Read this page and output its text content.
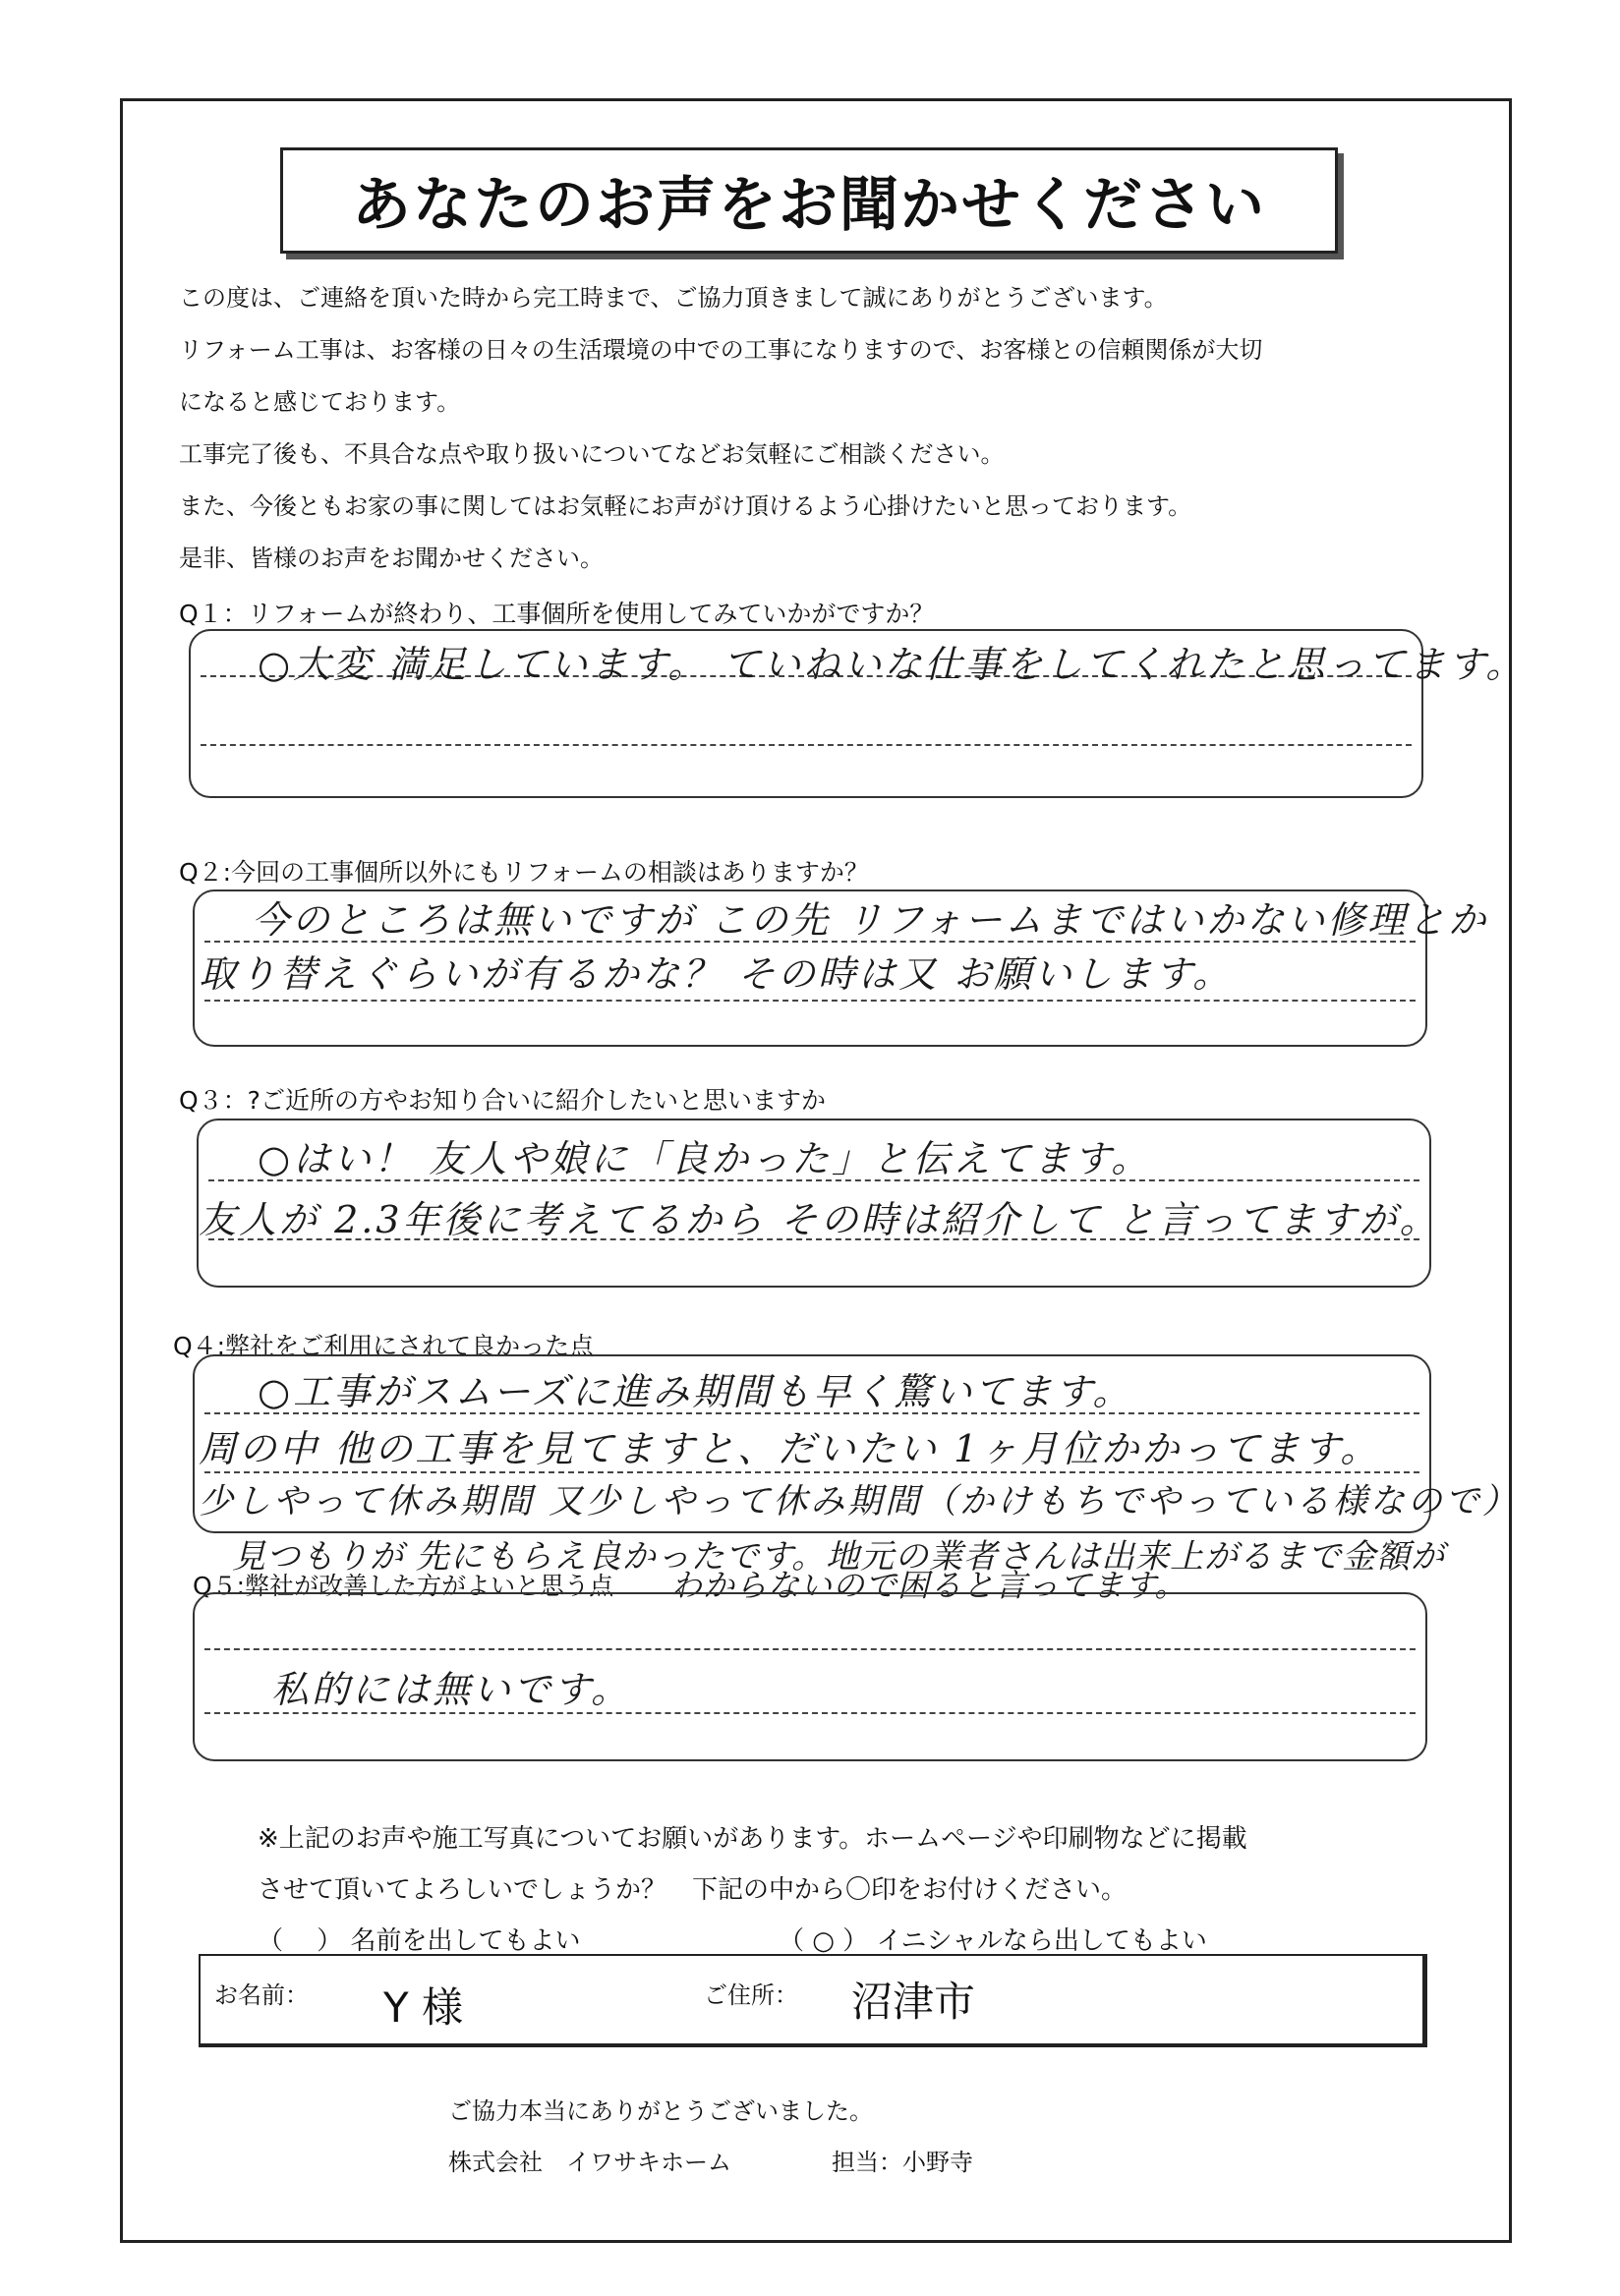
あなたのお声をお聞かせください
この度は、ご連絡を頂いた時から完工時まで、ご協力頂きまして誠にありがとうございます。
リフォーム工事は、お客様の日々の生活環境の中での工事になりますので、お客様との信頼関係が大切
になると感じております。
工事完了後も、不具合な点や取り扱いについてなどお気軽にご相談ください。
また、今後ともお家の事に関してはお気軽にお声がけ頂けるよう心掛けたいと思っております。
是非、皆様のお声をお聞かせください。
Q１：リフォームが終わり、工事個所を使用してみていかがですか？
○大変 満足しています。 ていねいな仕事をしてくれたと思ってます。
Q２:今回の工事個所以外にもリフォームの相談はありますか？
今のところは無いですが この先 リフォームまではいかない修理とか
取り替えぐらいが有るかな？ その時は又 お願いします。
Q３：?ご近所の方やお知り合いに紹介したいと思いますか
○はい！ 友人や娘に「良かった」と伝えてます。
友人が 2.3年後に考えてるから その時は紹介して と言ってますが。
Q４:弊社をご利用にされて良かった点
○工事がスムーズに進み期間も早く驚いてます。
周の中 他の工事を見てますと、だいたい 1ヶ月位かかってます。
少しやって休み期間 又少しやって休み期間（かけもちでやっている様なので）
見つもりが 先にもらえ良かったです。地元の業者さんは出来上がるまで金額が
Q５:弊社が改善した方がよいと思う点 わからないので困ると言ってます。
私的には無いです。
※上記のお声や施工写真についてお願いがあります。ホームページや印刷物などに掲載
させて頂いてよろしいでしょうか？　下記の中から〇印をお付けください。
（　 ） 名前を出してもよい	（ ○ ） イニシャルなら出してもよい
お名前： Y 様	ご住所： 沼津市
ご協力本当にありがとうございました。
株式会社　イワサキホーム	担当：小野寺
